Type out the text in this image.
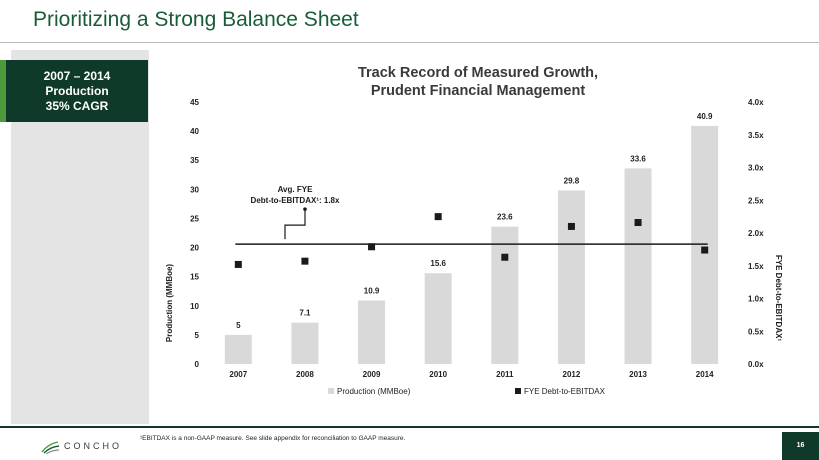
Prioritizing a Strong Balance Sheet
2007 – 2014
Production
35% CAGR
Track Record of Measured Growth,
Prudent Financial Management
0
5
10
15
20
25
30
35
40
45
0.0x
0.5x
1.0x
1.5x
2.0x
2.5x
3.0x
3.5x
4.0x
5
7.1
10.9
15.6
23.6
29.8
33.6
40.9
Avg. FYE
Debt-to-EBITDAX¹: 1.8x
2007	2008	2009	2010	2011	2012	2013	2014
Production (MMBoe)	FYE Debt-to-EBITDAX¹
Production (MMBoe)	FYE Debt-to-EBITDAX
CONCHO
¹EBITDAX is a non-GAAP measure. See slide appendix for reconciliation to GAAP measure.
16
